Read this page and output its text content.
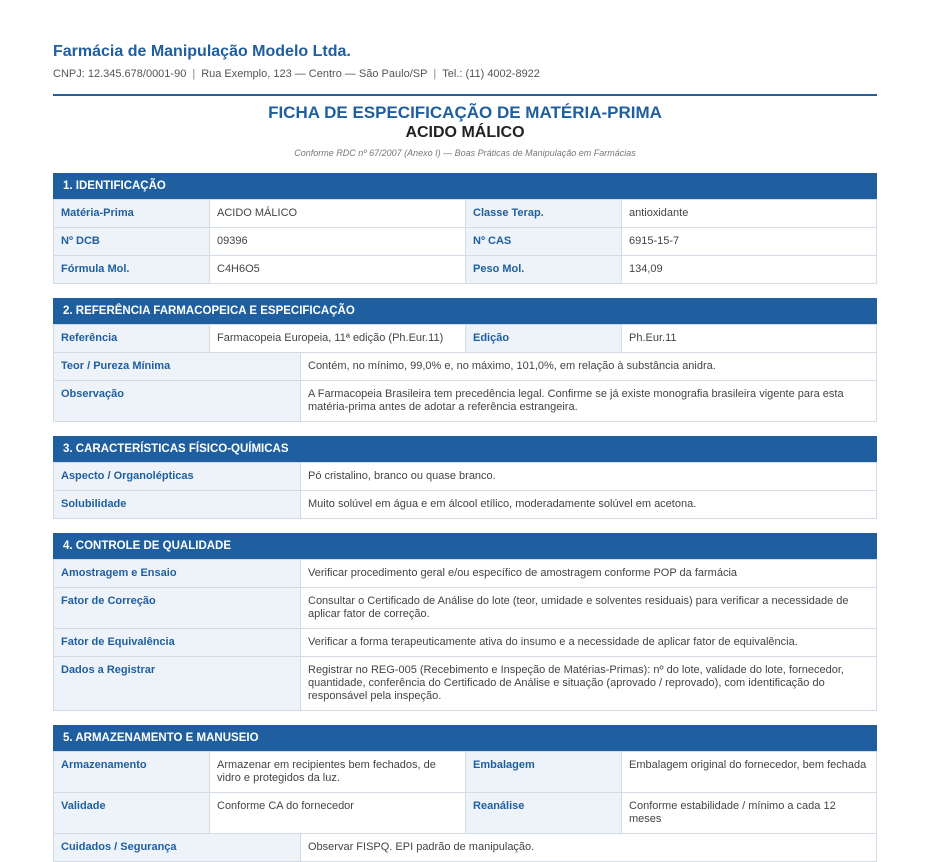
Farmácia de Manipulação Modelo Ltda.
CNPJ: 12.345.678/0001-90 | Rua Exemplo, 123 — Centro — São Paulo/SP | Tel.: (11) 4002-8922
FICHA DE ESPECIFICAÇÃO DE MATÉRIA-PRIMA
ACIDO MÁLICO
Conforme RDC nº 67/2007 (Anexo I) — Boas Práticas de Manipulação em Farmácias
1. IDENTIFICAÇÃO
Matéria-Prima	ACIDO MÁLICO	Classe Terap.	antioxidante
Nº DCB	09396	Nº CAS	6915-15-7
Fórmula Mol.	C4H6O5	Peso Mol.	134,09
2. REFERÊNCIA FARMACOPEICA E ESPECIFICAÇÃO
Referência	Farmacopeia Europeia, 11ª edição (Ph.Eur.11)		Edição	Ph.Eur.11
Teor / Pureza Mínima		Contém, no mínimo, 99,0% e, no máximo, 101,0%, em relação à substância anidra.		
Observação		A Farmacopeia Brasileira tem precedência legal. Confirme se já existe monografia brasileira vigente para esta matéria-prima antes de adotar a referência estrangeira.		
3. CARACTERÍSTICAS FÍSICO-QUÍMICAS
Aspecto / Organolépticas	Pó cristalino, branco ou quase branco.
Solubilidade	Muito solúvel em água e em álcool etílico, moderadamente solúvel em acetona.
4. CONTROLE DE QUALIDADE
Amostragem e Ensaio	Verificar procedimento geral e/ou específico de amostragem conforme POP da farmácia
Fator de Correção	Consultar o Certificado de Análise do lote (teor, umidade e solventes residuais) para verificar a necessidade de aplicar fator de correção.
Fator de Equivalência	Verificar a forma terapeuticamente ativa do insumo e a necessidade de aplicar fator de equivalência.
Dados a Registrar	Registrar no REG-005 (Recebimento e Inspeção de Matérias-Primas): nº do lote, validade do lote, fornecedor, quantidade, conferência do Certificado de Análise e situação (aprovado / reprovado), com identificação do responsável pela inspeção.
5. ARMAZENAMENTO E MANUSEIO
Armazenamento	Armazenar em recipientes bem fechados, de vidro e protegidos da luz.		Embalagem	Embalagem original do fornecedor, bem fechada
Validade	Conforme CA do fornecedor		Reanálise	Conforme estabilidade / mínimo a cada 12 meses
Cuidados / Segurança		Observar FISPQ. EPI padrão de manipulação.		
